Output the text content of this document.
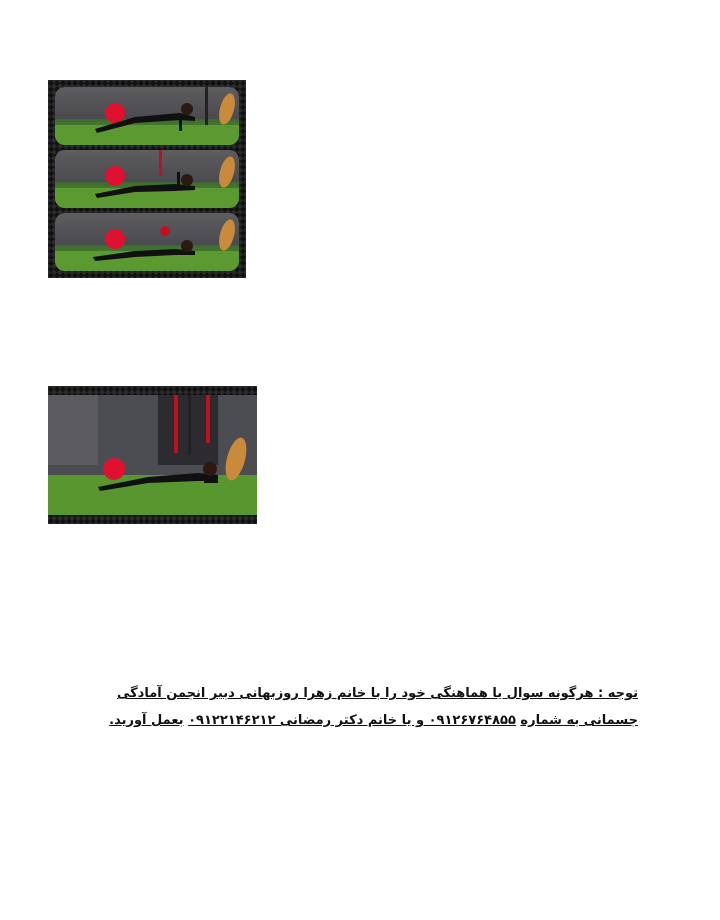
توجه : هرگونه سوال یا هماهنگی خود را با خانم زهرا روزبهانی دبیر انجمن آمادگی جسمانی به شماره ۰۹۱۲۶۷۶۴۸۵۵ و یا خانم دکتر رمضانی ۰۹۱۲۲۱۴۶۲۱۲ بعمل آورید.
